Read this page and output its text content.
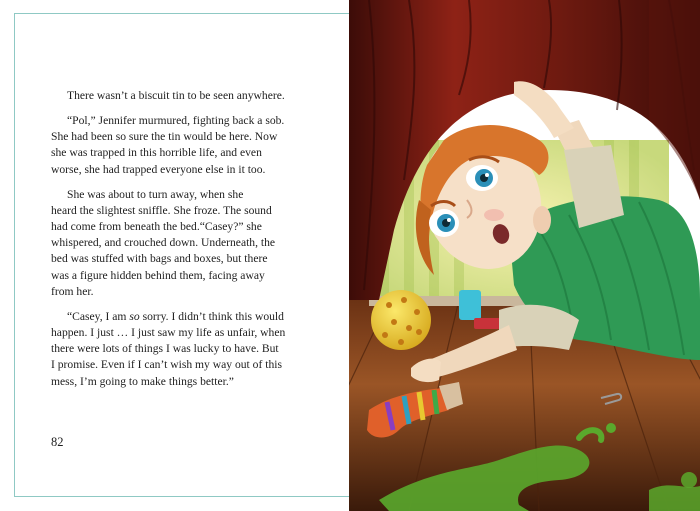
There wasn’t a biscuit tin to be seen anywhere.

“Pol,” Jennifer murmured, fighting back a sob.
She had been so sure the tin would be here. Now
she was trapped in this horrible life, and even
worse, she had trapped everyone else in it too.

She was about to turn away, when she
heard the slightest sniffle. She froze. The sound
had come from beneath the bed.“Casey?” she
whispered, and crouched down. Underneath, the
bed was stuffed with bags and boxes, but there
was a figure hidden behind them, facing away
from her.

“Casey, I am so sorry. I didn’t think this would
happen. I just … I just saw my life as unfair, when
there were lots of things I was lucky to have. But
I promise. Even if I can’t wish my way out of this
mess, I’m going to make things better.”

82
